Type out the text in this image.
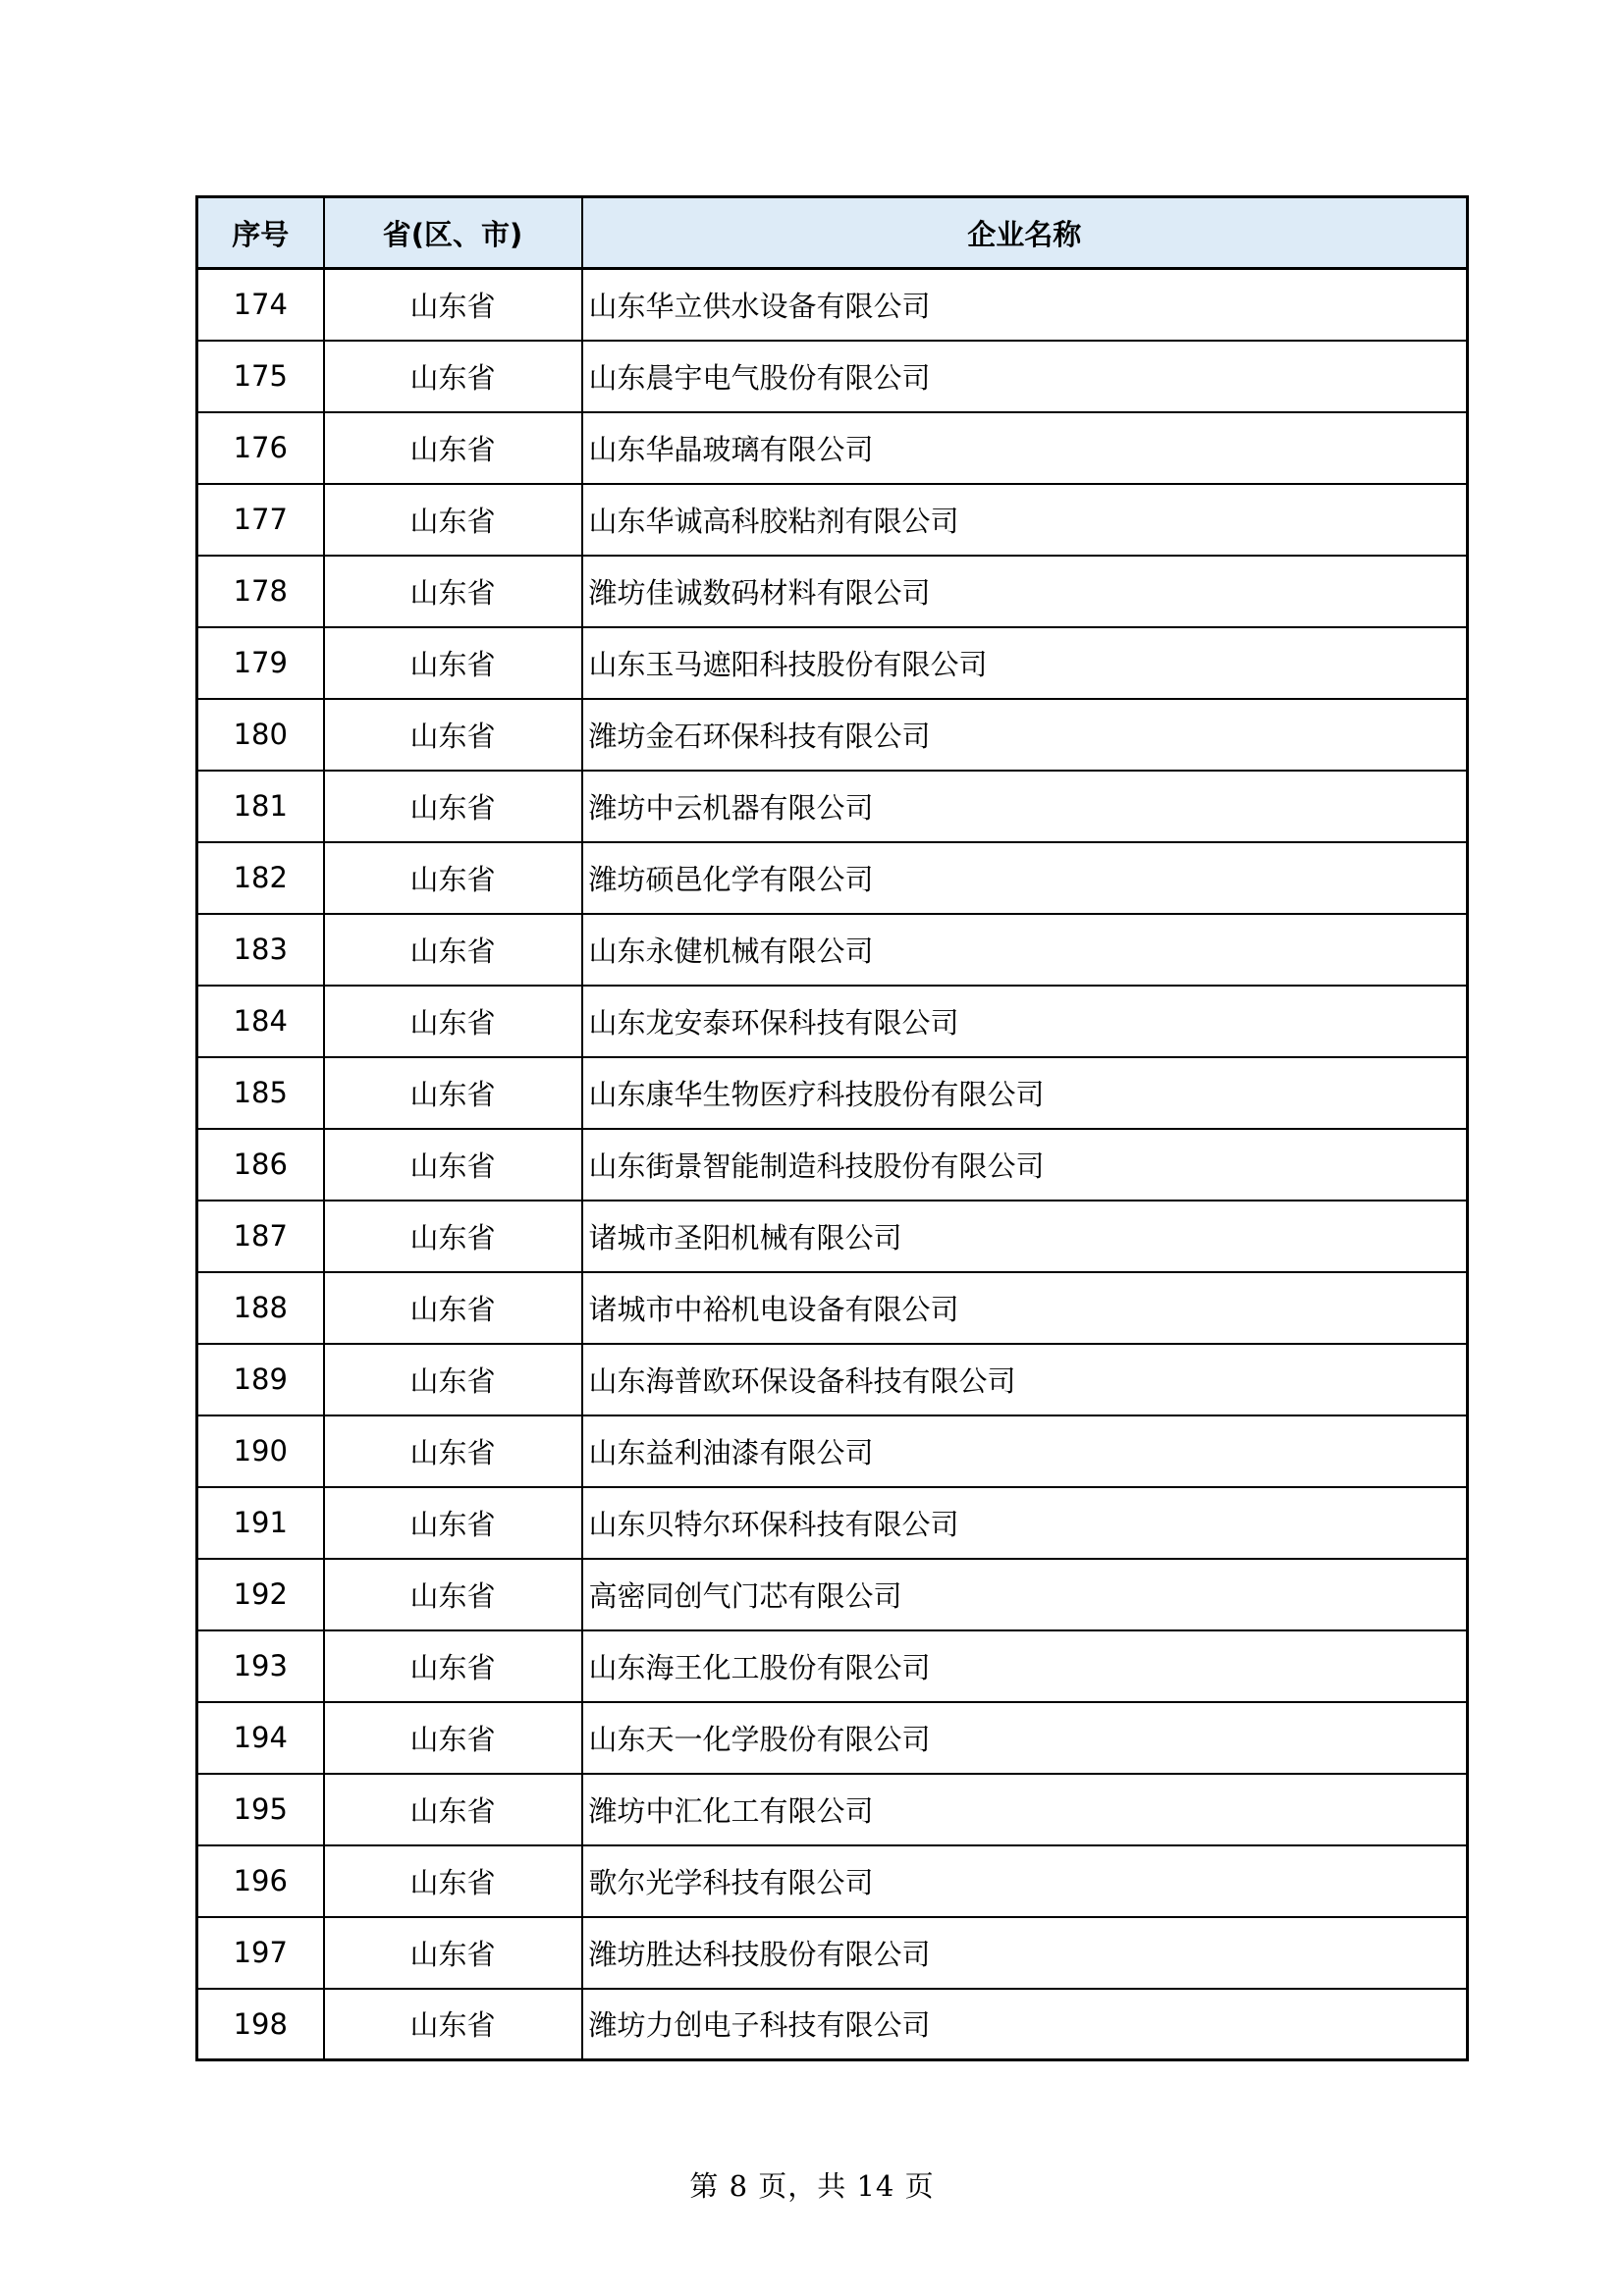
序号	省(区、市)	企业名称
174	山东省	山东华立供水设备有限公司
175	山东省	山东晨宇电气股份有限公司
176	山东省	山东华晶玻璃有限公司
177	山东省	山东华诚高科胶粘剂有限公司
178	山东省	潍坊佳诚数码材料有限公司
179	山东省	山东玉马遮阳科技股份有限公司
180	山东省	潍坊金石环保科技有限公司
181	山东省	潍坊中云机器有限公司
182	山东省	潍坊硕邑化学有限公司
183	山东省	山东永健机械有限公司
184	山东省	山东龙安泰环保科技有限公司
185	山东省	山东康华生物医疗科技股份有限公司
186	山东省	山东街景智能制造科技股份有限公司
187	山东省	诸城市圣阳机械有限公司
188	山东省	诸城市中裕机电设备有限公司
189	山东省	山东海普欧环保设备科技有限公司
190	山东省	山东益利油漆有限公司
191	山东省	山东贝特尔环保科技有限公司
192	山东省	高密同创气门芯有限公司
193	山东省	山东海王化工股份有限公司
194	山东省	山东天一化学股份有限公司
195	山东省	潍坊中汇化工有限公司
196	山东省	歌尔光学科技有限公司
197	山东省	潍坊胜达科技股份有限公司
198	山东省	潍坊力创电子科技有限公司
第 8 页，共 14 页
